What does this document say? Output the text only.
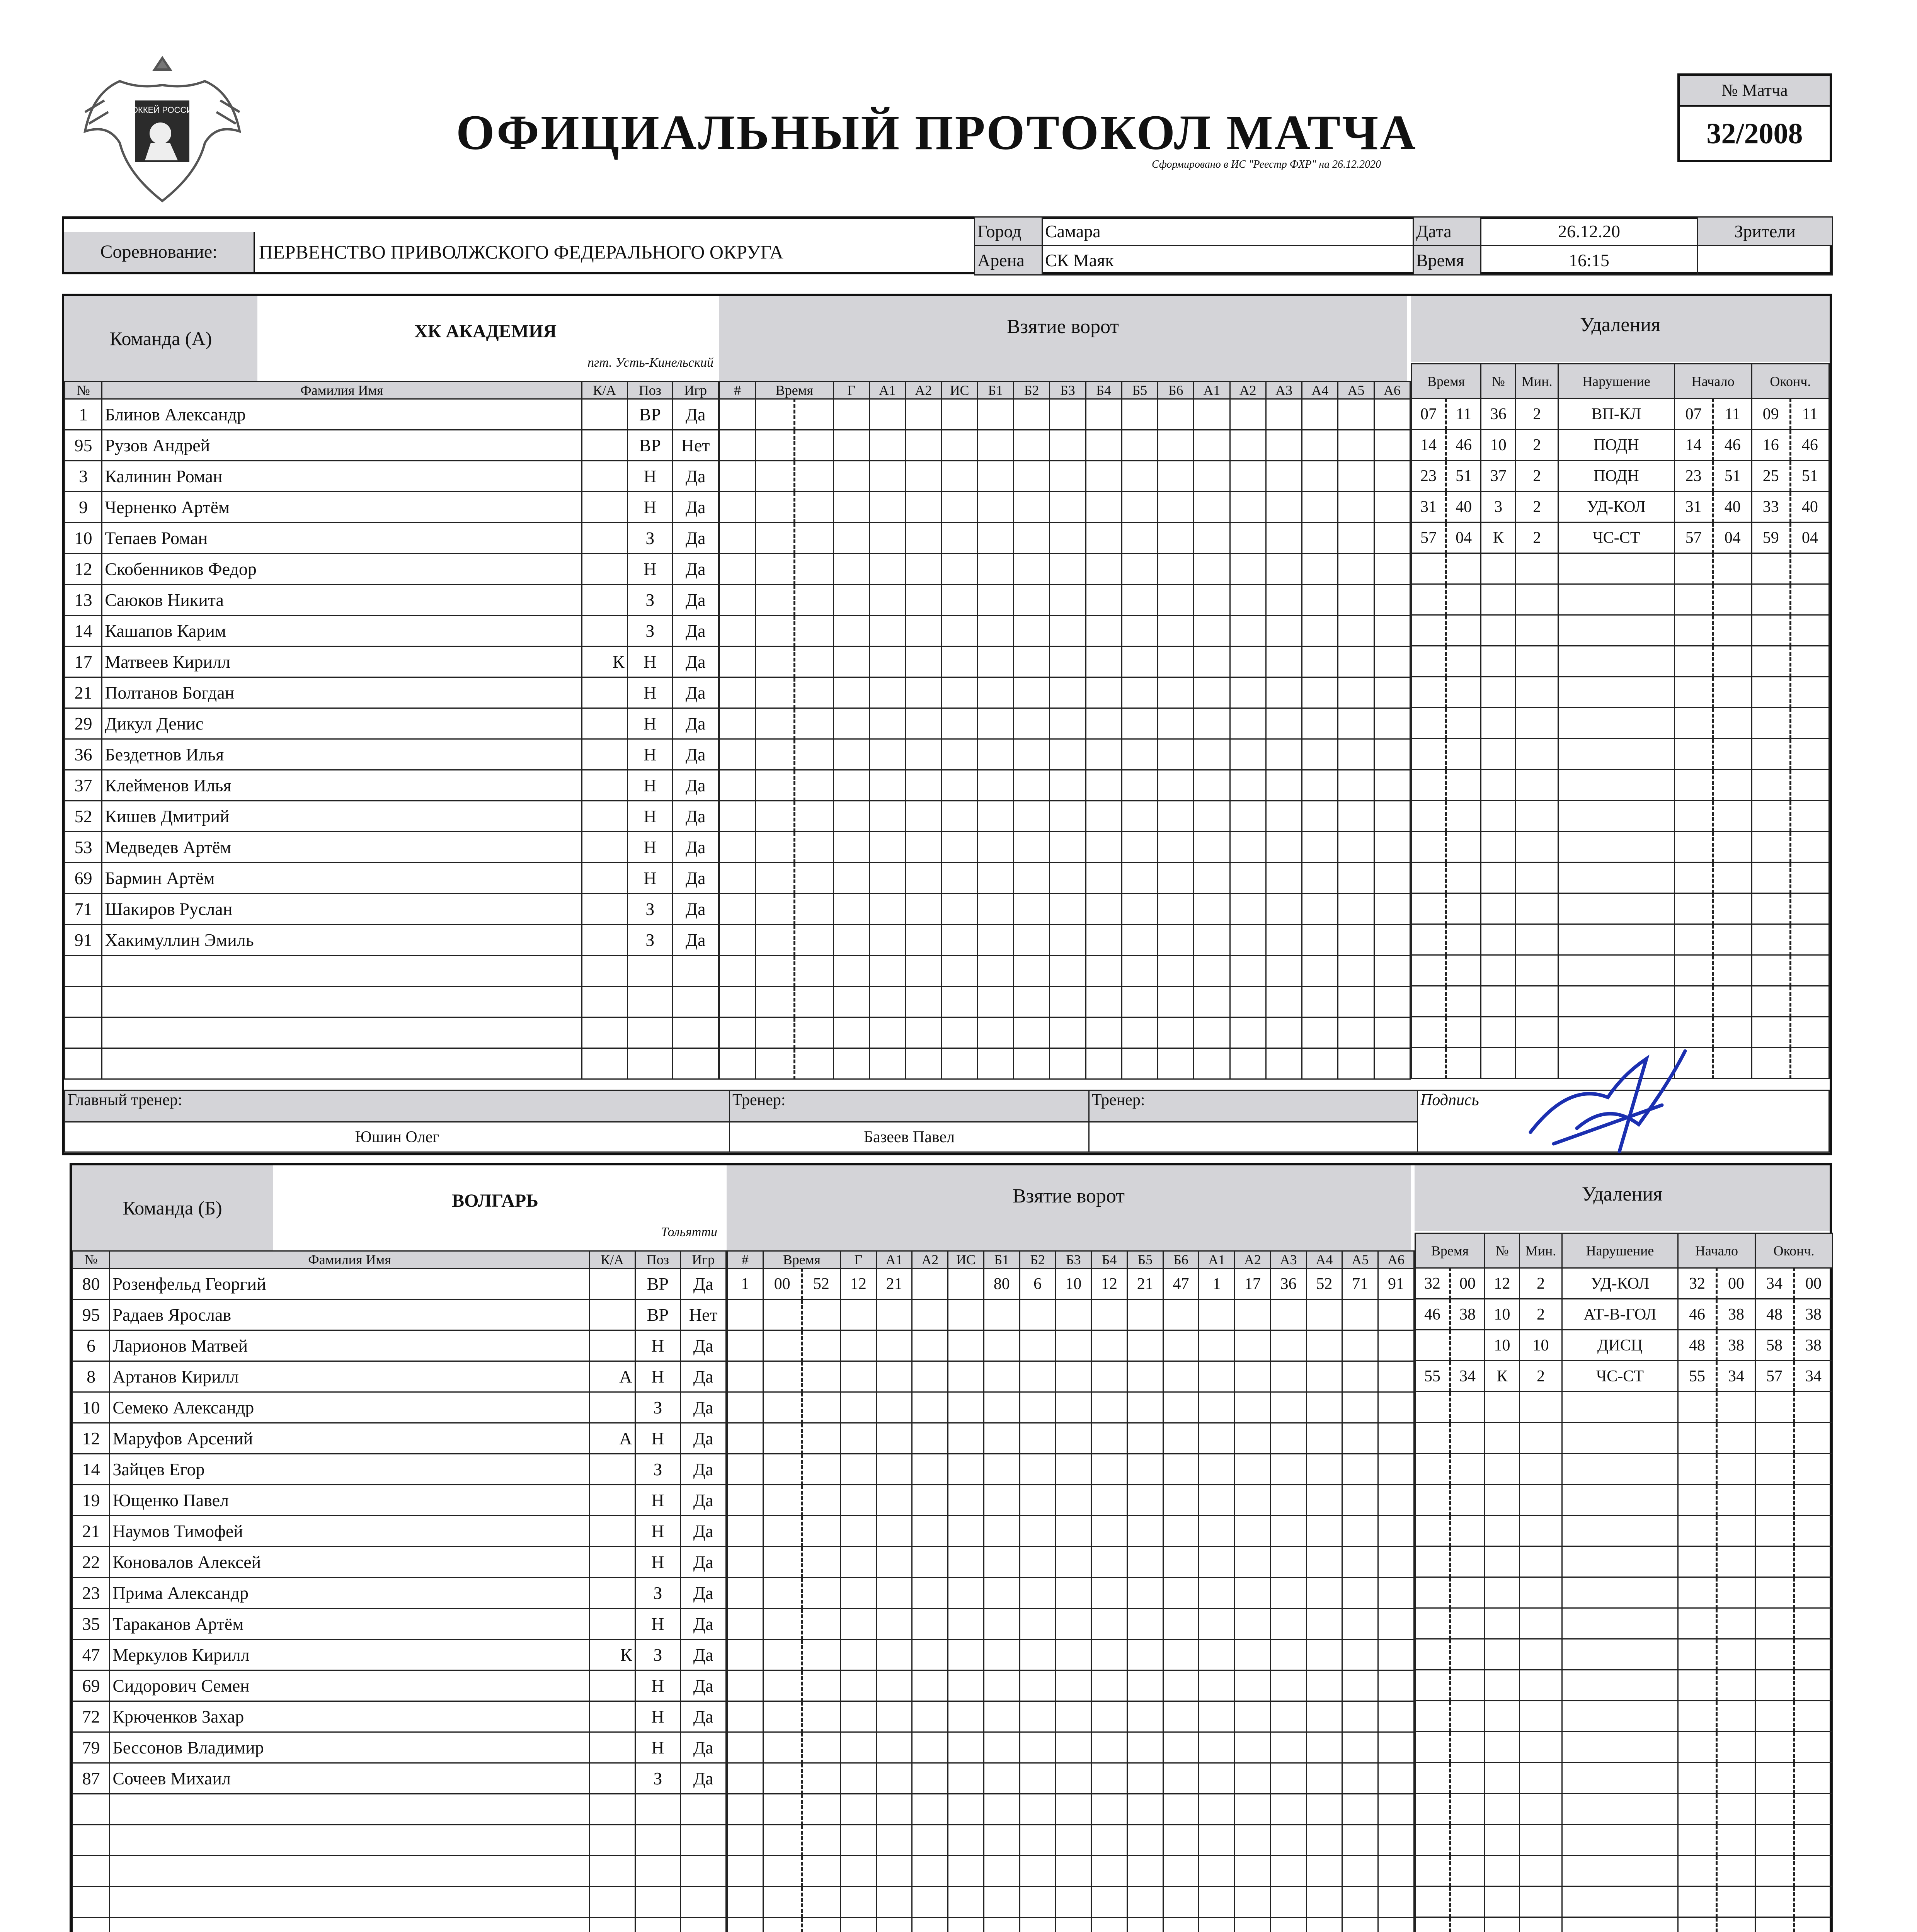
ХОККЕЙ РОССИИ	ОФИЦИАЛЬНЫЙ ПРОТОКОЛ МАТЧА
Сформировано в ИС "Реестр ФХР" на 26.12.2020
№ Матча
32/2008
Соревнование:	ПЕРВЕНСТВО ПРИВОЛЖСКОГО ФЕДЕРАЛЬНОГО ОКРУГА
Город	Самара	Дата	26.12.20	Зрители
Арена	СК Маяк	Время	16:15	
Команда (А)	ХК АКАДЕМИЯ
пгт. Усть-Кинельский
Взятие ворот	Удаления
№	Фамилия Имя	К/А	Поз	Игр
1	Блинов Александр		ВР	Да
95	Рузов Андрей		ВР	Нет
3	Калинин Роман		Н	Да
9	Черненко Артём		Н	Да
10	Тепаев Роман		З	Да
12	Скобенников Федор		Н	Да
13	Саюков Никита		З	Да
14	Кашапов Карим		З	Да
17	Матвеев Кирилл	К	Н	Да
21	Полтанов Богдан		Н	Да
29	Дикул Денис		Н	Да
36	Бездетнов Илья		Н	Да
37	Клейменов Илья		Н	Да
52	Кишев Дмитрий		Н	Да
53	Медведев Артём		Н	Да
69	Бармин Артём		Н	Да
71	Шакиров Руслан		З	Да
91	Хакимуллин Эмиль		З	Да

#	Время		Г	А1	А2	ИС	Б1	Б2	Б3	Б4	Б5	Б6	А1	А2	А3	А4	А5	А6

Время		№	Мин.	Нарушение	Начало		Оконч.	
07	11	36	2	ВП-КЛ	07	11	09	11
14	46	10	2	ПОДН	14	46	16	46
23	51	37	2	ПОДН	23	51	25	51
31	40	3	2	УД-КОЛ	31	40	33	40
57	04	К	2	ЧС-СТ	57	04	59	04

Главный тренер:	Тренер:	Тренер:	Подпись
Юшин Олег	Базеев Павел		
Команда (Б)	ВОЛГАРЬ
Тольятти
Взятие ворот	Удаления
№	Фамилия Имя	К/А	Поз	Игр
80	Розенфельд Георгий		ВР	Да
95	Радаев Ярослав		ВР	Нет
6	Ларионов Матвей		Н	Да
8	Артанов Кирилл	А	Н	Да
10	Семеко Александр		З	Да
12	Маруфов Арсений	А	Н	Да
14	Зайцев Егор		З	Да
19	Ющенко Павел		Н	Да
21	Наумов Тимофей		Н	Да
22	Коновалов Алексей		Н	Да
23	Прима Александр		З	Да
35	Тараканов Артём		Н	Да
47	Меркулов Кирилл	К	З	Да
69	Сидорович Семен		Н	Да
72	Крюченков Захар		Н	Да
79	Бессонов Владимир		Н	Да
87	Сочеев Михаил		З	Да

#	Время		Г	А1	А2	ИС	Б1	Б2	Б3	Б4	Б5	Б6	А1	А2	А3	А4	А5	А6
1	00	52	12	21			80	6	10	12	21	47	1	17	36	52	71	91

Время		№	Мин.	Нарушение	Начало		Оконч.	
32	00	12	2	УД-КОЛ	32	00	34	00
46	38	10	2	АТ-В-ГОЛ	46	38	48	38
		10	10	ДИСЦ	48	38	58	38
55	34	К	2	ЧС-СТ	55	34	57	34
